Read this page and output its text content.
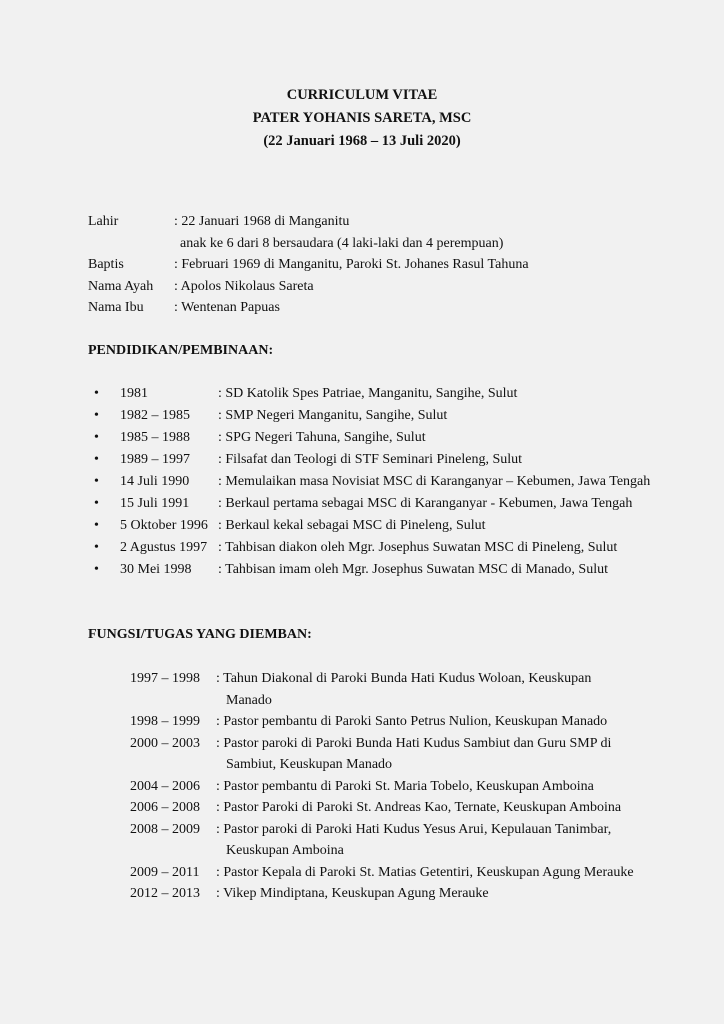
CURRICULUM VITAE
PATER YOHANIS SARETA, MSC
(22 Januari 1968 – 13 Juli 2020)
Lahir	: 22 Januari 1968 di Manganitu
anak ke 6 dari 8 bersaudara (4 laki-laki dan 4 perempuan)
Baptis	: Februari 1969 di Manganitu, Paroki St. Johanes Rasul Tahuna
Nama Ayah : Apolos Nikolaus Sareta
Nama Ibu : Wentenan Papuas
PENDIDIKAN/PEMBINAAN:
•	1981	: SD Katolik Spes Patriae, Manganitu, Sangihe, Sulut
•	1982 – 1985	: SMP Negeri Manganitu, Sangihe, Sulut
•	1985 – 1988	: SPG Negeri Tahuna, Sangihe, Sulut
•	1989 – 1997	: Filsafat dan Teologi di STF Seminari Pineleng, Sulut
•	14 Juli 1990	: Memulaikan masa Novisiat MSC di Karanganyar – Kebumen, Jawa Tengah
•	15 Juli 1991	: Berkaul pertama sebagai MSC di Karanganyar - Kebumen, Jawa Tengah
•	5 Oktober 1996 : Berkaul kekal sebagai MSC di Pineleng, Sulut
•	2 Agustus 1997 : Tahbisan diakon oleh Mgr. Josephus Suwatan MSC di Pineleng, Sulut
•	30 Mei 1998	: Tahbisan imam oleh Mgr. Josephus Suwatan MSC di Manado, Sulut
FUNGSI/TUGAS YANG DIEMBAN:
1997 – 1998	: Tahun Diakonal di Paroki Bunda Hati Kudus Woloan, Keuskupan Manado
1998 – 1999	: Pastor pembantu di Paroki Santo Petrus Nulion, Keuskupan Manado
2000 – 2003	: Pastor paroki di Paroki Bunda Hati Kudus Sambiut dan Guru SMP di Sambiut, Keuskupan Manado
2004 – 2006	: Pastor pembantu di Paroki St. Maria Tobelo, Keuskupan Amboina
2006 – 2008	: Pastor Paroki di Paroki St. Andreas Kao, Ternate, Keuskupan Amboina
2008 – 2009	: Pastor paroki di Paroki Hati Kudus Yesus Arui, Kepulauan Tanimbar, Keuskupan Amboina
2009 – 2011	: Pastor Kepala di Paroki St. Matias Getentiri, Keuskupan Agung Merauke
2012 – 2013	: Vikep Mindiptana, Keuskupan Agung Merauke
